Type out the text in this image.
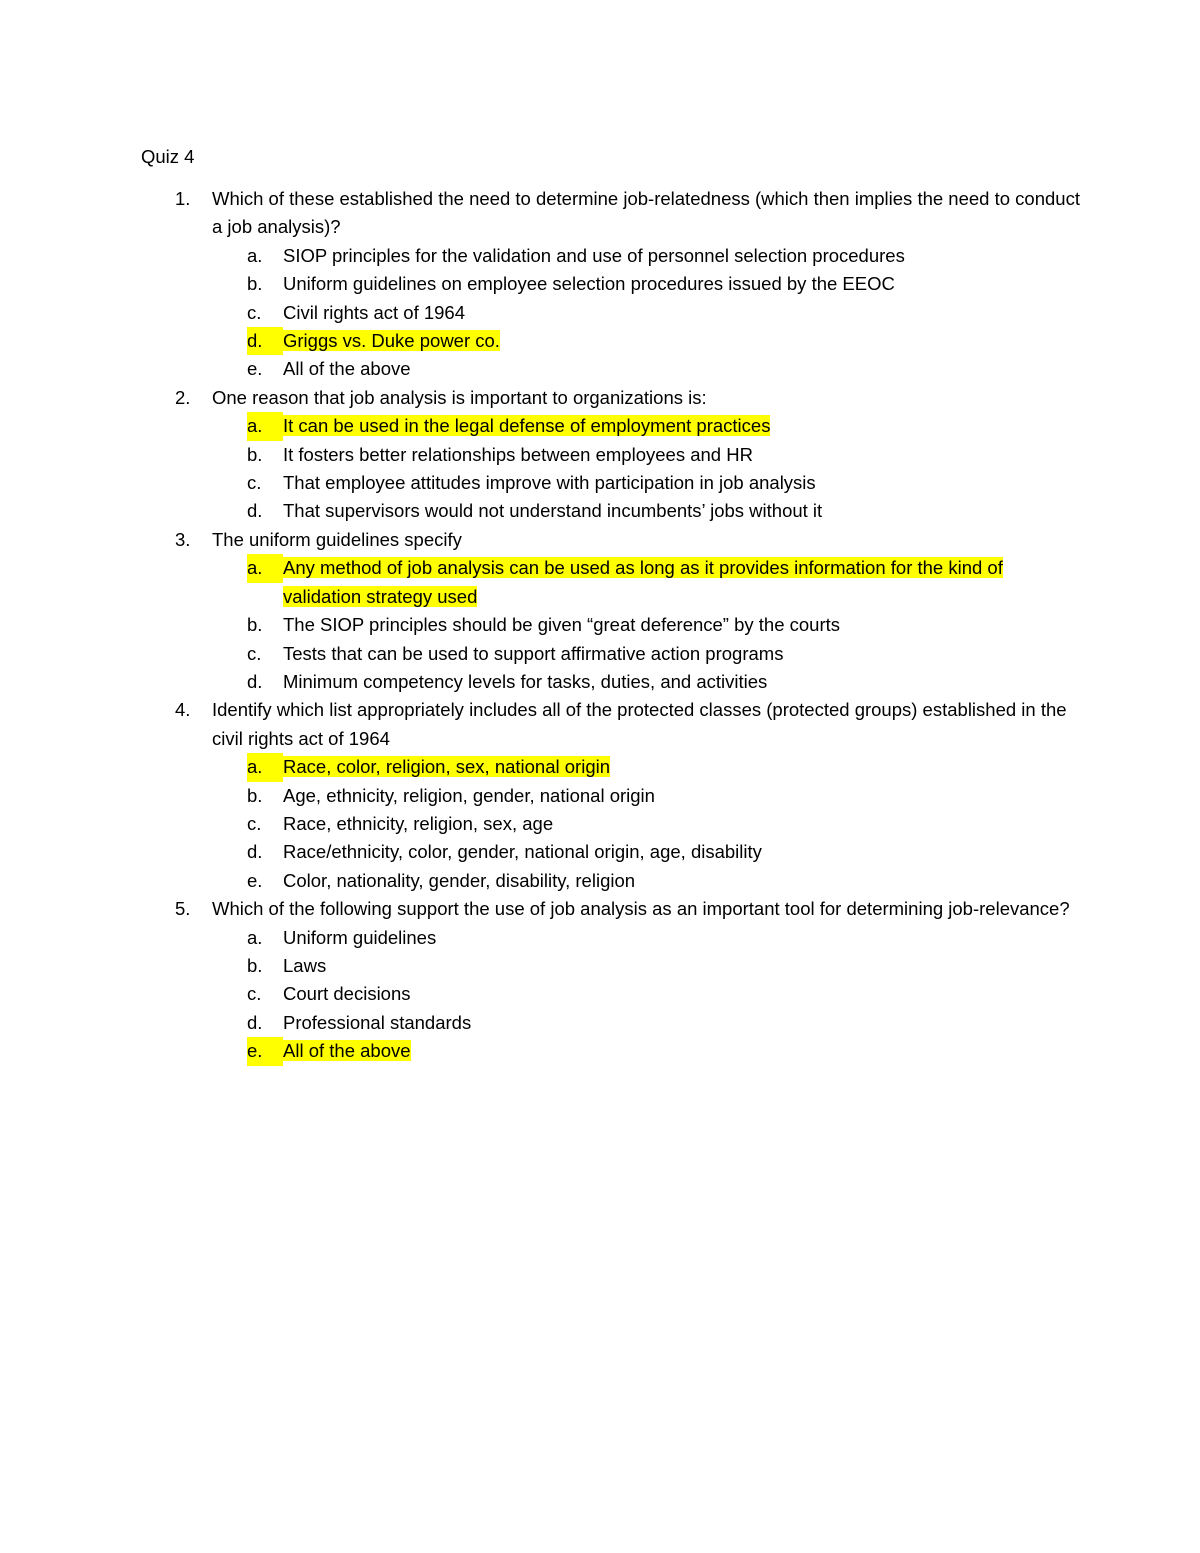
Quiz 4
1. Which of these established the need to determine job-relatedness (which then implies the need to conduct a job analysis)?
a.	SIOP principles for the validation and use of personnel selection procedures
b.	Uniform guidelines on employee selection procedures issued by the EEOC
c.	Civil rights act of 1964
d.	Griggs vs. Duke power co.
e.	All of the above
2. One reason that job analysis is important to organizations is:
a.	It can be used in the legal defense of employment practices
b.	It fosters better relationships between employees and HR
c.	That employee attitudes improve with participation in job analysis
d.	That supervisors would not understand incumbents’ jobs without it
3. The uniform guidelines specify
a.	Any method of job analysis can be used as long as it provides information for the kind of validation strategy used
b.	The SIOP principles should be given “great deference” by the courts
c.	Tests that can be used to support affirmative action programs
d.	Minimum competency levels for tasks, duties, and activities
4. Identify which list appropriately includes all of the protected classes (protected groups) established in the civil rights act of 1964
a.	Race, color, religion, sex, national origin
b.	Age, ethnicity, religion, gender, national origin
c.	Race, ethnicity, religion, sex, age
d.	Race/ethnicity, color, gender, national origin, age, disability
e.	Color, nationality, gender, disability, religion
5. Which of the following support the use of job analysis as an important tool for determining job-relevance?
a.	Uniform guidelines
b.	Laws
c.	Court decisions
d.	Professional standards
e.	All of the above
